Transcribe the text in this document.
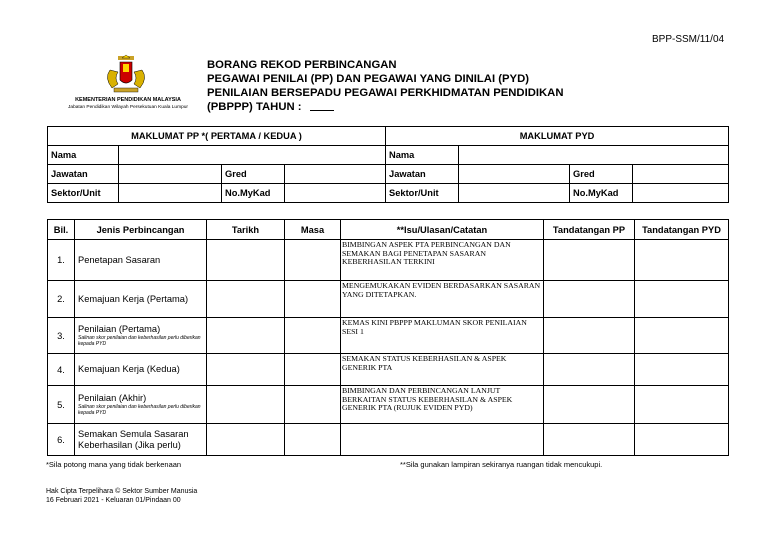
BPP-SSM/11/04
KEMENTERIAN PENDIDIKAN MALAYSIA
Jabatan Pendidikan Wilayah Persekutuan Kuala Lumpur
BORANG REKOD PERBINCANGAN
PEGAWAI PENILAI (PP) DAN PEGAWAI YANG DINILAI (PYD)
PENILAIAN BERSEPADU PEGAWAI PERKHIDMATAN PENDIDIKAN
(PBPPP) TAHUN :
MAKLUMAT PP *( PERTAMA / KEDUA )				MAKLUMAT PYD			
Nama				Nama			
Jawatan		Gred		Jawatan		Gred	
Sektor/Unit		No.MyKad		Sektor/Unit		No.MyKad	
Bil.	Jenis Perbincangan	Tarikh	Masa	**Isu/Ulasan/Catatan	Tandatangan PP	Tandatangan PYD
1.	Penetapan Sasaran			BIMBINGAN ASPEK PTA PERBINCANGAN DAN SEMAKAN BAGI PENETAPAN SASARAN KEBERHASILAN TERKINI		
2.	Kemajuan Kerja (Pertama)			MENGEMUKAKAN EVIDEN BERDASARKAN SASARAN YANG DITETAPKAN.		
3.	Penilaian (Pertama)
Salinan skor penilaian dan keberhasilan perlu diberikan kepada PYD			KEMAS KINI PBPPP MAKLUMAN SKOR PENILAIAN SESI 1		
4.	Kemajuan Kerja (Kedua)			SEMAKAN STATUS KEBERHASILAN & ASPEK GENERIK PTA		
5.	Penilaian (Akhir)
Salinan skor penilaian dan keberhasilan perlu diberikan kepada PYD			BIMBINGAN DAN PERBINCANGAN LANJUT BERKAITAN STATUS KEBERHASILAN & ASPEK GENERIK PTA (RUJUK EVIDEN PYD)		
6.	Semakan Semula Sasaran Keberhasilan (Jika perlu)					
*Sila potong mana yang tidak berkenaan	**Sila gunakan lampiran sekiranya ruangan tidak mencukupi.
Hak Cipta Terpelihara © Sektor Sumber Manusia
16 Februari 2021 - Keluaran 01/Pindaan 00
